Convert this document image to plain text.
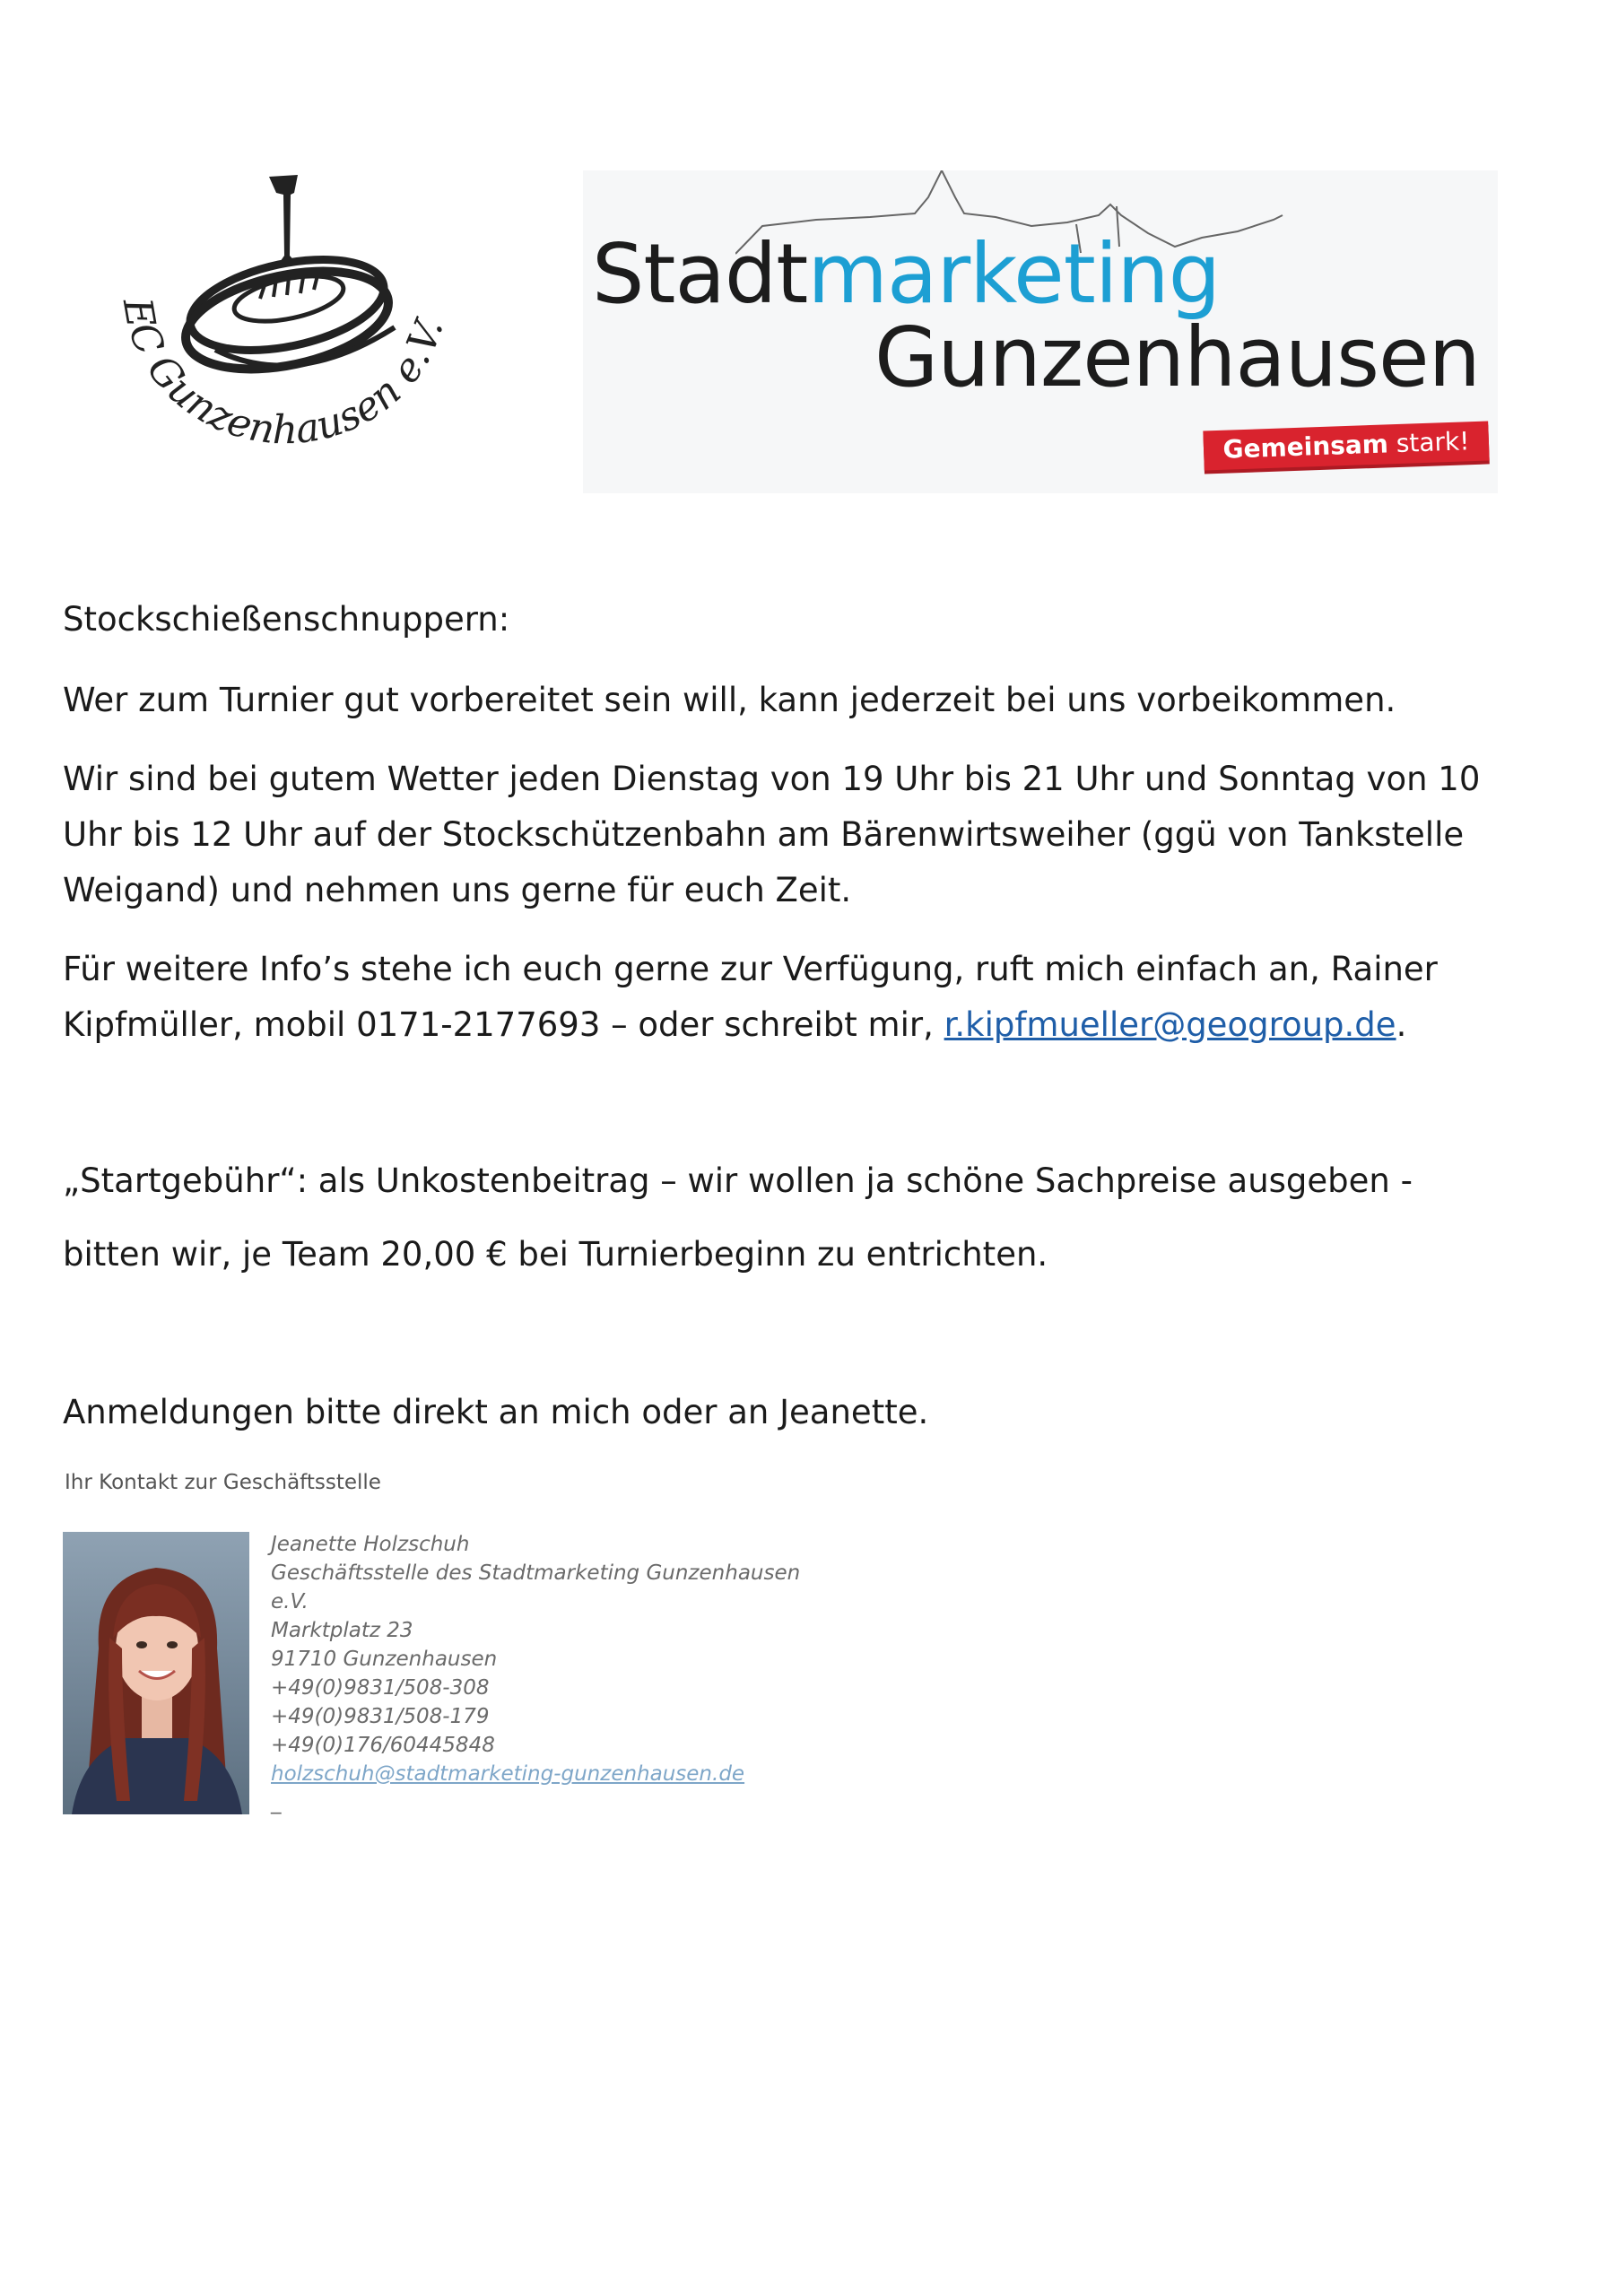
EC Gunzenhausen e.V.
Stadtmarketing
Gunzenhausen
Gemeinsam stark!
Stockschießenschnuppern:
Wer zum Turnier gut vorbereitet sein will, kann jederzeit bei uns vorbeikommen.
Wir sind bei gutem Wetter jeden Dienstag von 19 Uhr bis 21 Uhr und Sonntag von 10
Uhr bis 12 Uhr auf der Stockschützenbahn am Bärenwirtsweiher (ggü von Tankstelle
Weigand) und nehmen uns gerne für euch Zeit.
Für weitere Info’s stehe ich euch gerne zur Verfügung, ruft mich einfach an, Rainer
Kipfmüller, mobil 0171-2177693 – oder schreibt mir, r.kipfmueller@geogroup.de.
„Startgebühr“: als Unkostenbeitrag – wir wollen ja schöne Sachpreise ausgeben -
bitten wir, je Team 20,00 € bei Turnierbeginn zu entrichten.
Anmeldungen bitte direkt an mich oder an Jeanette.
Ihr Kontakt zur Geschäftsstelle
Jeanette Holzschuh
Geschäftsstelle des Stadtmarketing Gunzenhausen
e.V.
Marktplatz 23
91710 Gunzenhausen
+49(0)9831/508-308
+49(0)9831/508-179
+49(0)176/60445848
holzschuh@stadtmarketing-gunzenhausen.de
_
